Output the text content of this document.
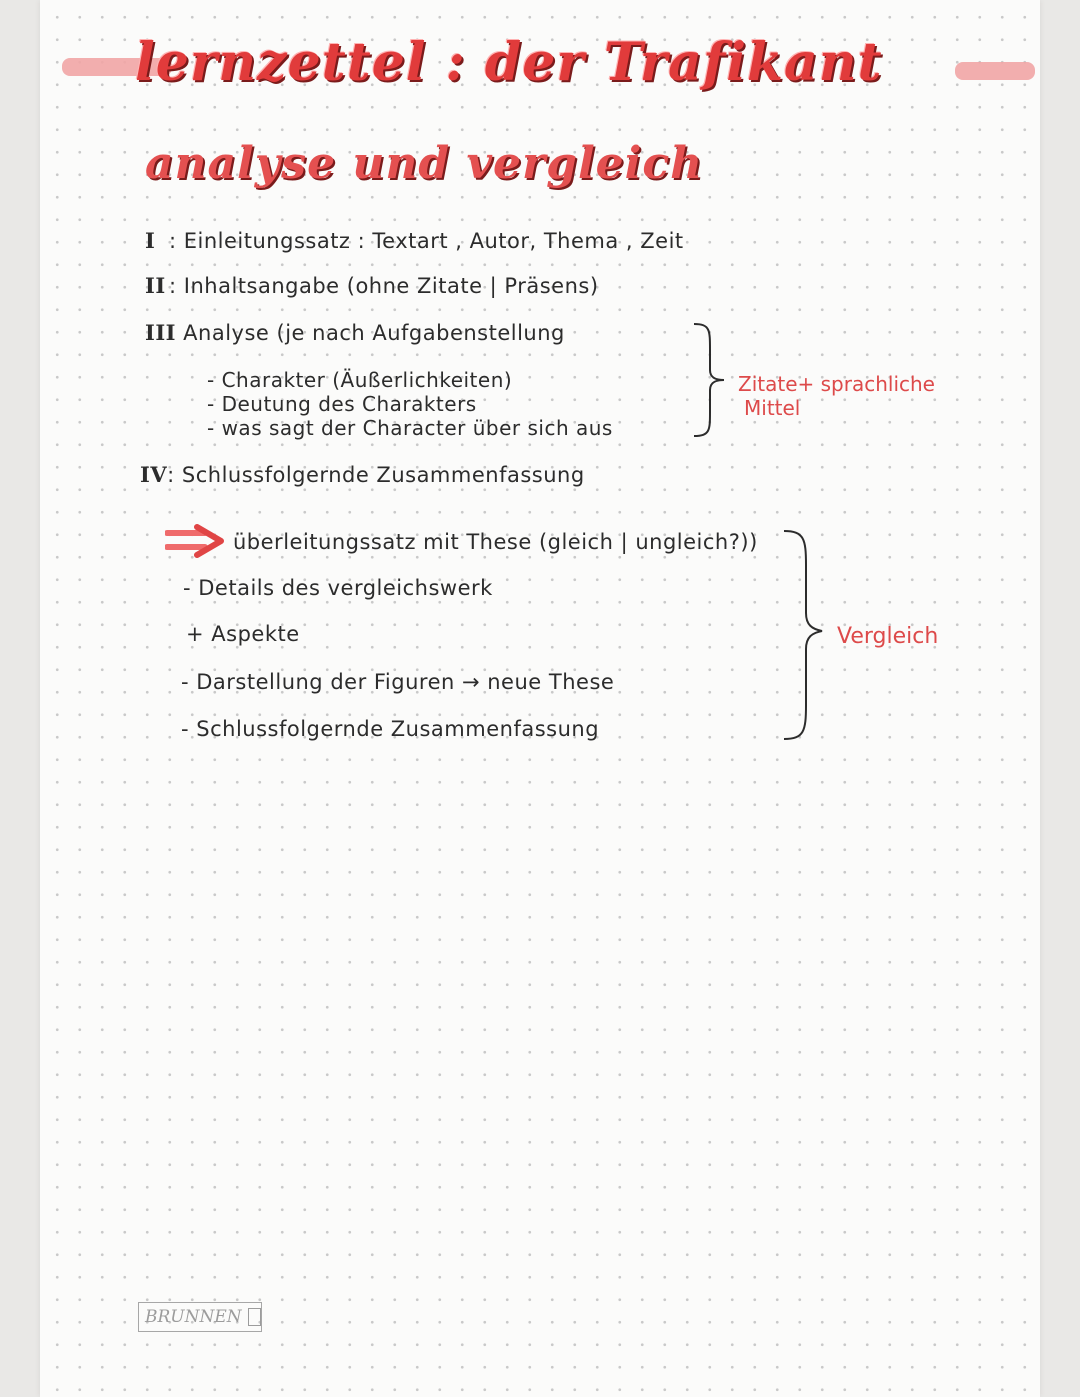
lernzettel : der Trafikant
analyse und vergleich
I : Einleitungssatz : Textart , Autor, Thema , Zeit
II : Inhaltsangabe (ohne Zitate | Präsens)
III Analyse (je nach Aufgabenstellung
- Charakter (Äußerlichkeiten)
- Deutung des Charakters
- was sagt der Character über sich aus
Zitate+ sprachliche
Mittel
IV: Schlussfolgernde Zusammenfassung
überleitungssatz mit These (gleich | ungleich?))
- Details des vergleichswerk
+ Aspekte
- Darstellung der Figuren → neue These
- Schlussfolgernde Zusammenfassung
Vergleich
BRUNNEN
